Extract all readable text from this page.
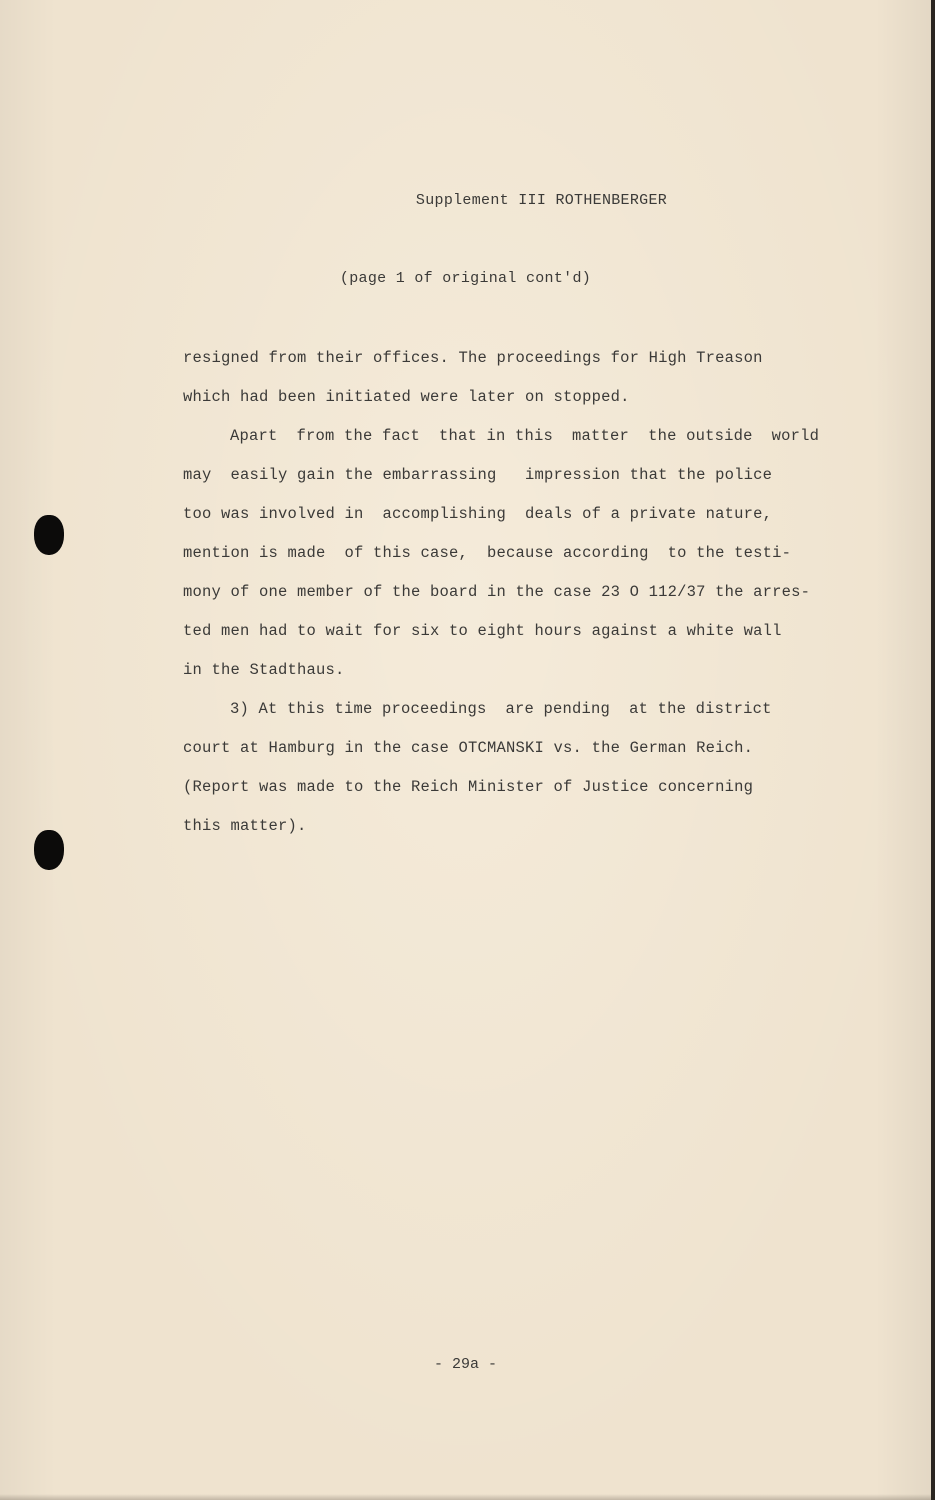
Supplement III ROTHENBERGER
(page 1 of original cont'd)
resigned from their offices. The proceedings for High Treason
which had been initiated were later on stopped.
Apart  from the fact  that in this  matter  the outside  world
may  easily gain the embarrassing   impression that the police
too was involved in  accomplishing  deals of a private nature,
mention is made  of this case,  because according  to the testi-
mony of one member of the board in the case 23 O 112/37 the arres-
ted men had to wait for six to eight hours against a white wall
in the Stadthaus.
3) At this time proceedings  are pending  at the district
court at Hamburg in the case OTCMANSKI vs. the German Reich.
(Report was made to the Reich Minister of Justice concerning
this matter).
- 29a -
